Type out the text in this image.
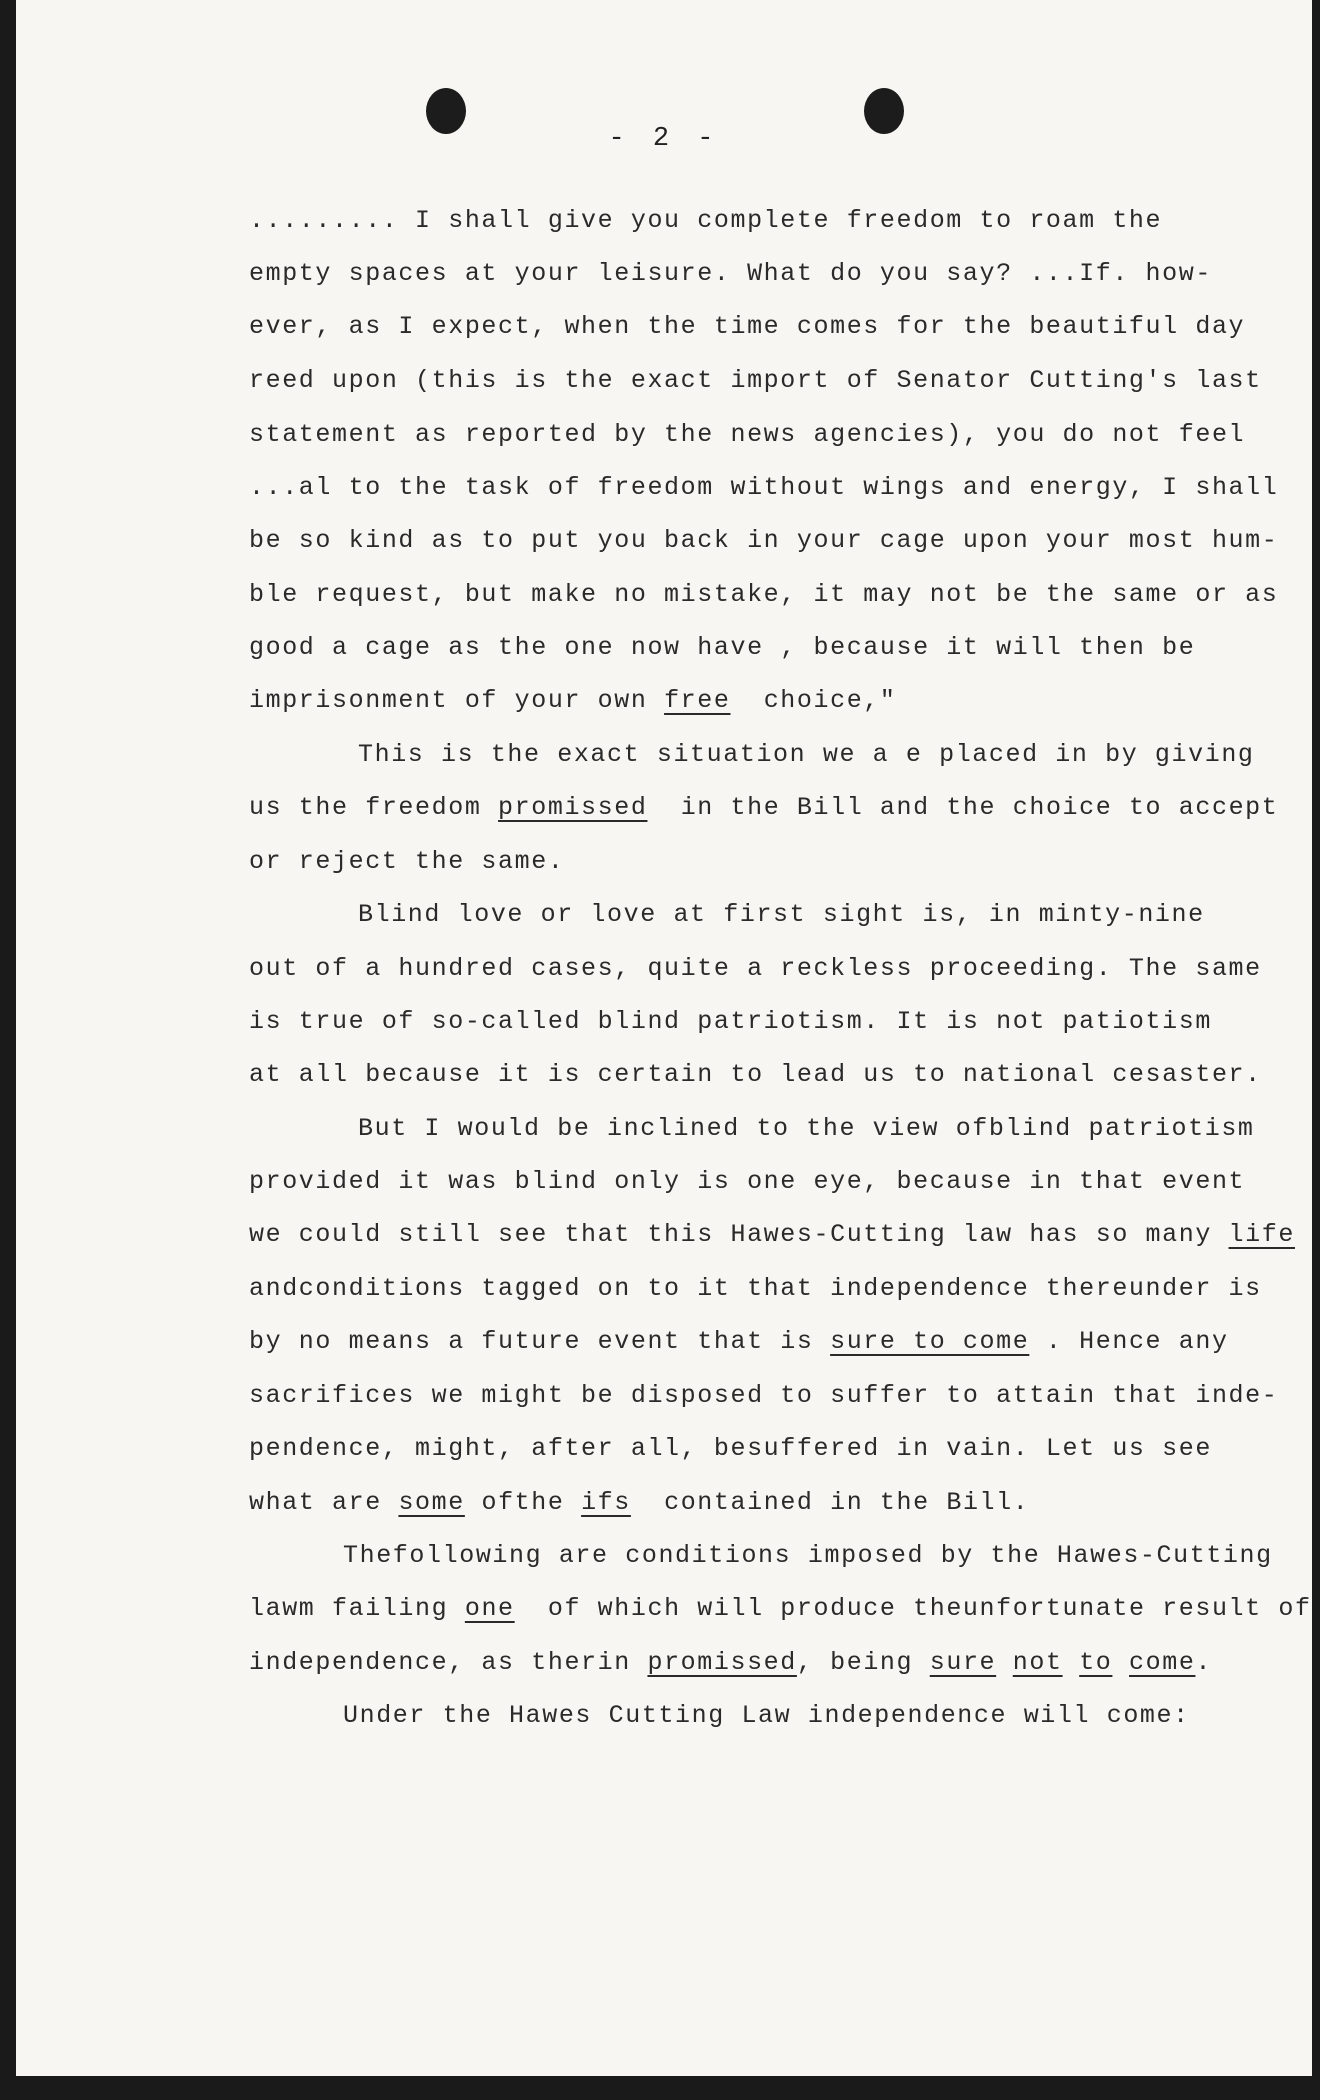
- 2 -
......... I shall give you complete freedom to roam the
empty spaces at your leisure. What do you say? ...If. how-
ever, as I expect, when the time comes for the beautiful day
reed upon (this is the exact import of Senator Cutting's last
statement as reported by the news agencies), you do not feel
...al to the task of freedom without wings and energy, I shall
be so kind as to put you back in your cage upon your most hum-
ble request, but make no mistake, it may not be the same or as
good a cage as the one now have , because it will then be
imprisonment of your own free  choice,"
This is the exact situation we a e placed in by giving
us the freedom promissed  in the Bill and the choice to accept
or reject the same.
Blind love or love at first sight is, in minty-nine
out of a hundred cases, quite a reckless proceeding. The same
is true of so-called blind patriotism. It is not patiotism
at all because it is certain to lead us to national cesaster.
But I would be inclined to the view ofblind patriotism
provided it was blind only is one eye, because in that event
we could still see that this Hawes-Cutting law has so many life
andconditions tagged on to it that independence thereunder is
by no means a future event that is sure to come . Hence any
sacrifices we might be disposed to suffer to attain that inde-
pendence, might, after all, besuffered in vain. Let us see
what are some ofthe ifs  contained in the Bill.
Thefollowing are conditions imposed by the Hawes-Cutting
lawm failing one  of which will produce theunfortunate result of
independence, as therin promissed, being sure not to come.
Under the Hawes Cutting Law independence will come:
